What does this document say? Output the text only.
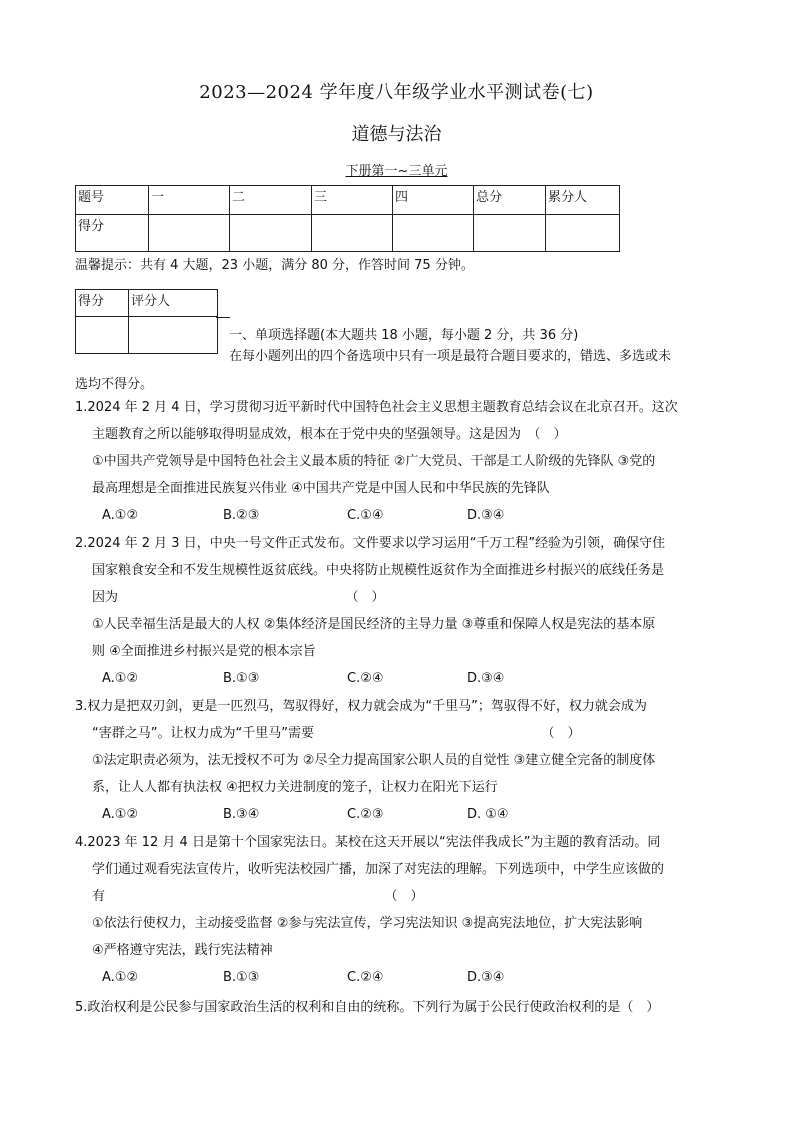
2023—2024 学年度八年级学业水平测试卷(七)
道德与法治
下册第一~三单元
题号	一	二	三	四	总分	累分人
得分						
温馨提示：共有 4 大题，23 小题，满分 80 分，作答时间 75 分钟。
得分	评分人

一、单项选择题(本大题共 18 小题，每小题 2 分，共 36 分)
在每小题列出的四个备选项中只有一项是最符合题目要求的，错选、多选或未
选均不得分。
1.2024 年 2 月 4 日，学习贯彻习近平新时代中国特色社会主义思想主题教育总结会议在北京召开。这次
主题教育之所以能够取得明显成效，根本在于党中央的坚强领导。这是因为　（　）
①中国共产党领导是中国特色社会主义最本质的特征 ②广大党员、干部是工人阶级的先锋队 ③党的
最高理想是全面推进民族复兴伟业 ④中国共产党是中国人民和中华民族的先锋队
A.①②	B.②③	C.①④	D.③④
2.2024 年 2 月 3 日，中央一号文件正式发布。文件要求以学习运用“千万工程”经验为引领，确保守住
国家粮食安全和不发生规模性返贫底线。中央将防止规模性返贫作为全面推进乡村振兴的底线任务是
因为　　　　　　　　　　　　　　　　　　（　）
①人民幸福生活是最大的人权 ②集体经济是国民经济的主导力量 ③尊重和保障人权是宪法的基本原
则 ④全面推进乡村振兴是党的根本宗旨
A.①②	B.①③	C.②④	D.③④
3.权力是把双刃剑，更是一匹烈马，驾驭得好，权力就会成为“千里马”；驾驭得不好，权力就会成为
“害群之马”。让权力成为“千里马”需要　　　　　　　　　　　　　　　　　　（　）
①法定职责必须为，法无授权不可为 ②尽全力提高国家公职人员的自觉性 ③建立健全完备的制度体
系，让人人都有执法权 ④把权力关进制度的笼子，让权力在阳光下运行
A.①②	B.③④	C.②③	D. ①④
4.2023 年 12 月 4 日是第十个国家宪法日。某校在这天开展以“宪法伴我成长”为主题的教育活动。同
学们通过观看宪法宣传片，收听宪法校园广播，加深了对宪法的理解。下列选项中，中学生应该做的
有　　　　　　　　　　　　　　　　　　　　　　（　）
①依法行使权力，主动接受监督 ②参与宪法宣传，学习宪法知识 ③提高宪法地位，扩大宪法影响
④严格遵守宪法，践行宪法精神
A.①②	B.①③	C.②④	D.③④
5.政治权利是公民参与国家政治生活的权利和自由的统称。下列行为属于公民行使政治权利的是（　）
